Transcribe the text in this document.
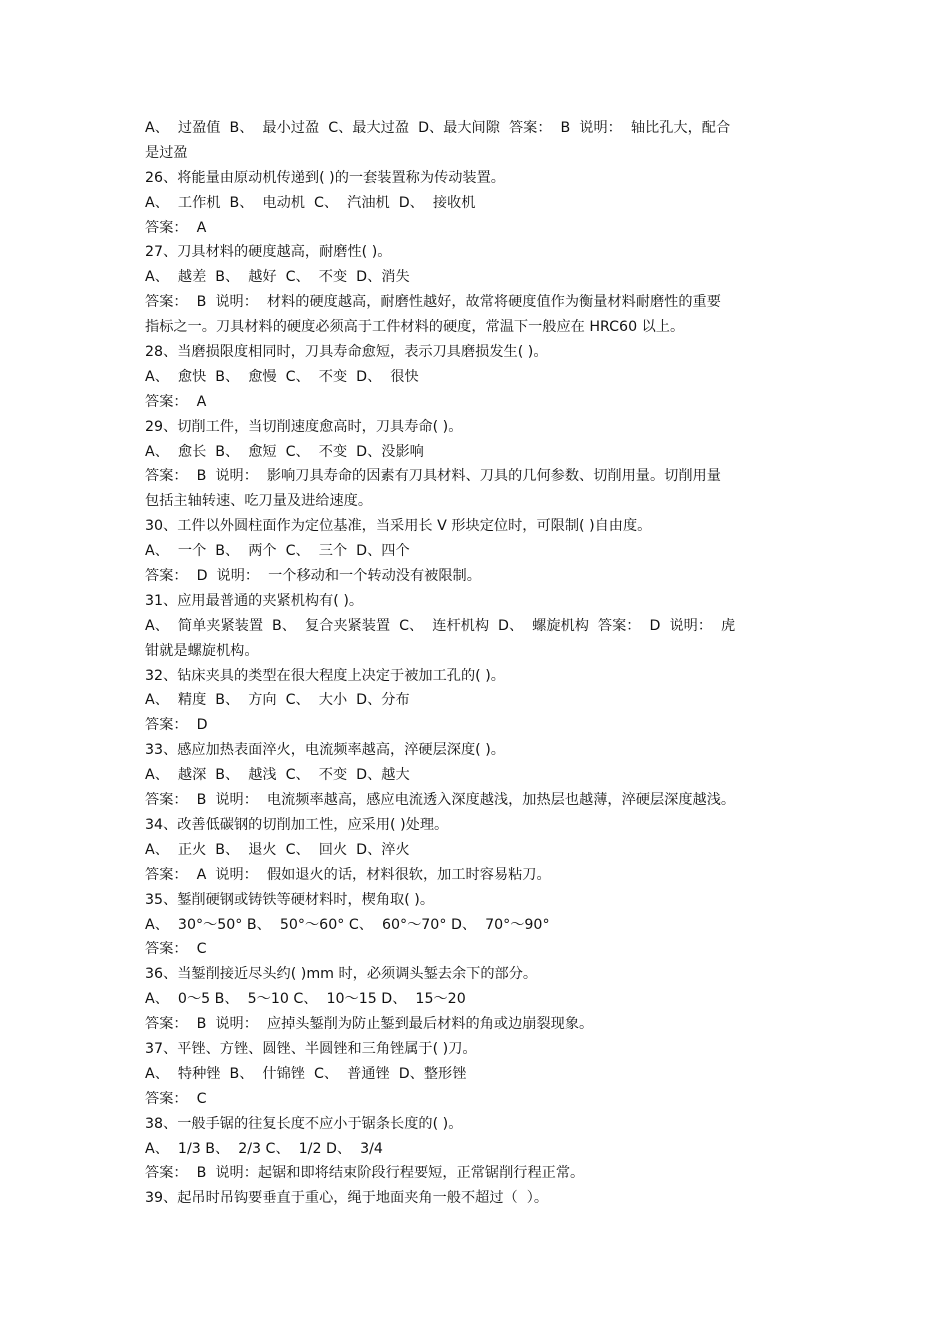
A、  过盈值  B、  最小过盈  C、最大过盈  D、最大间隙  答案：  B  说明：  轴比孔大，配合
是过盈
26、将能量由原动机传递到( )的一套装置称为传动装置。
A、  工作机  B、  电动机  C、  汽油机  D、  接收机
答案：  A
27、刀具材料的硬度越高，耐磨性( )。
A、  越差  B、  越好  C、  不变  D、消失
答案：  B  说明：  材料的硬度越高，耐磨性越好，故常将硬度值作为衡量材料耐磨性的重要
指标之一。刀具材料的硬度必须高于工件材料的硬度，常温下一般应在 HRC60 以上。
28、当磨损限度相同时，刀具寿命愈短，表示刀具磨损发生( )。
A、  愈快  B、  愈慢  C、  不变  D、  很快
答案：  A
29、切削工件，当切削速度愈高时，刀具寿命( )。
A、  愈长  B、  愈短  C、  不变  D、没影响
答案：  B  说明：  影响刀具寿命的因素有刀具材料、刀具的几何参数、切削用量。切削用量
包括主轴转速、吃刀量及进给速度。
30、工件以外圆柱面作为定位基准，当采用长 V 形块定位时，可限制( )自由度。
A、  一个  B、  两个  C、  三个  D、四个
答案：  D  说明：  一个移动和一个转动没有被限制。
31、应用最普通的夹紧机构有( )。
A、  简单夹紧装置  B、  复合夹紧装置  C、  连杆机构  D、  螺旋机构  答案：  D  说明：  虎
钳就是螺旋机构。
32、钻床夹具的类型在很大程度上决定于被加工孔的( )。
A、  精度  B、  方向  C、  大小  D、分布
答案：  D
33、感应加热表面淬火，电流频率越高，淬硬层深度( )。
A、  越深  B、  越浅  C、  不变  D、越大
答案：  B  说明：  电流频率越高，感应电流透入深度越浅，加热层也越薄，淬硬层深度越浅。
34、改善低碳钢的切削加工性，应采用( )处理。
A、  正火  B、  退火  C、  回火  D、淬火
答案：  A  说明：  假如退火的话，材料很软，加工时容易粘刀。
35、錾削硬钢或铸铁等硬材料时，楔角取( )。
A、  30°～50° B、  50°～60° C、  60°～70° D、  70°～90°
答案：  C
36、当錾削接近尽头约( )mm 时，必须调头錾去余下的部分。
A、  0～5 B、  5～10 C、  10～15 D、  15～20
答案：  B  说明：  应掉头錾削为防止錾到最后材料的角或边崩裂现象。
37、平锉、方锉、圆锉、半圆锉和三角锉属于( )刀。
A、  特种锉  B、  什锦锉  C、  普通锉  D、整形锉
答案：  C
38、一般手锯的往复长度不应小于锯条长度的( )。
A、  1/3 B、  2/3 C、  1/2 D、  3/4
答案：  B  说明：起锯和即将结束阶段行程要短，正常锯削行程正常。
39、起吊时吊钩要垂直于重心，绳于地面夹角一般不超过（  ）。
